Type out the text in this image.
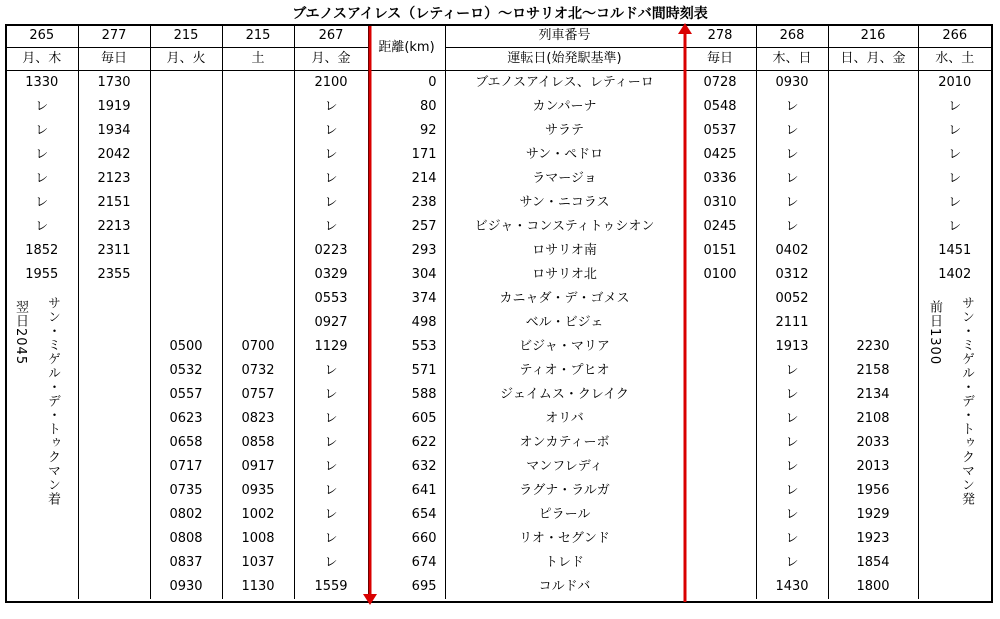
ブエノスアイレス（レティーロ）〜ロサリオ北〜コルドバ間時刻表
265	277	215	215	267	距離(km)	列車番号	278	268	216	266
月、木	毎日	月、火	土	月、金		運転日(始発駅基準)	毎日	木、日	日、月、金	水、土
1330	1730			2100	0	ブエノスアイレス、レティーロ	0728	0930		2010
レ	1919			レ	80	カンパーナ	0548	レ		レ
レ	1934			レ	92	サラテ	0537	レ		レ
レ	2042			レ	171	サン・ペドロ	0425	レ		レ
レ	2123			レ	214	ラマージョ	0336	レ		レ
レ	2151			レ	238	サン・ニコラス	0310	レ		レ
レ	2213			レ	257	ビジャ・コンスティトゥシオン	0245	レ		レ
1852	2311			0223	293	ロサリオ南	0151	0402		1451
1955	2355			0329	304	ロサリオ北	0100	0312		1402
				0553	374	カニャダ・デ・ゴメス		0052		
				0927	498	ベル・ビジェ		2111		
		0500	0700	1129	553	ビジャ・マリア		1913	2230	
		0532	0732	レ	571	ティオ・プヒオ		レ	2158	
		0557	0757	レ	588	ジェイムス・クレイク		レ	2134	
		0623	0823	レ	605	オリバ		レ	2108	
		0658	0858	レ	622	オンカティーボ		レ	2033	
		0717	0917	レ	632	マンフレディ		レ	2013	
		0735	0935	レ	641	ラグナ・ラルガ		レ	1956	
		0802	1002	レ	654	ピラール		レ	1929	
		0808	1008	レ	660	リオ・セグンド		レ	1923	
		0837	1037	レ	674	トレド		レ	1854	
		0930	1130	1559	695	コルドバ		1430	1800	
サン・ミゲル・デ・トゥクマン着
翌日2045	サン・ミゲル・デ・トゥクマン発
前日1300
